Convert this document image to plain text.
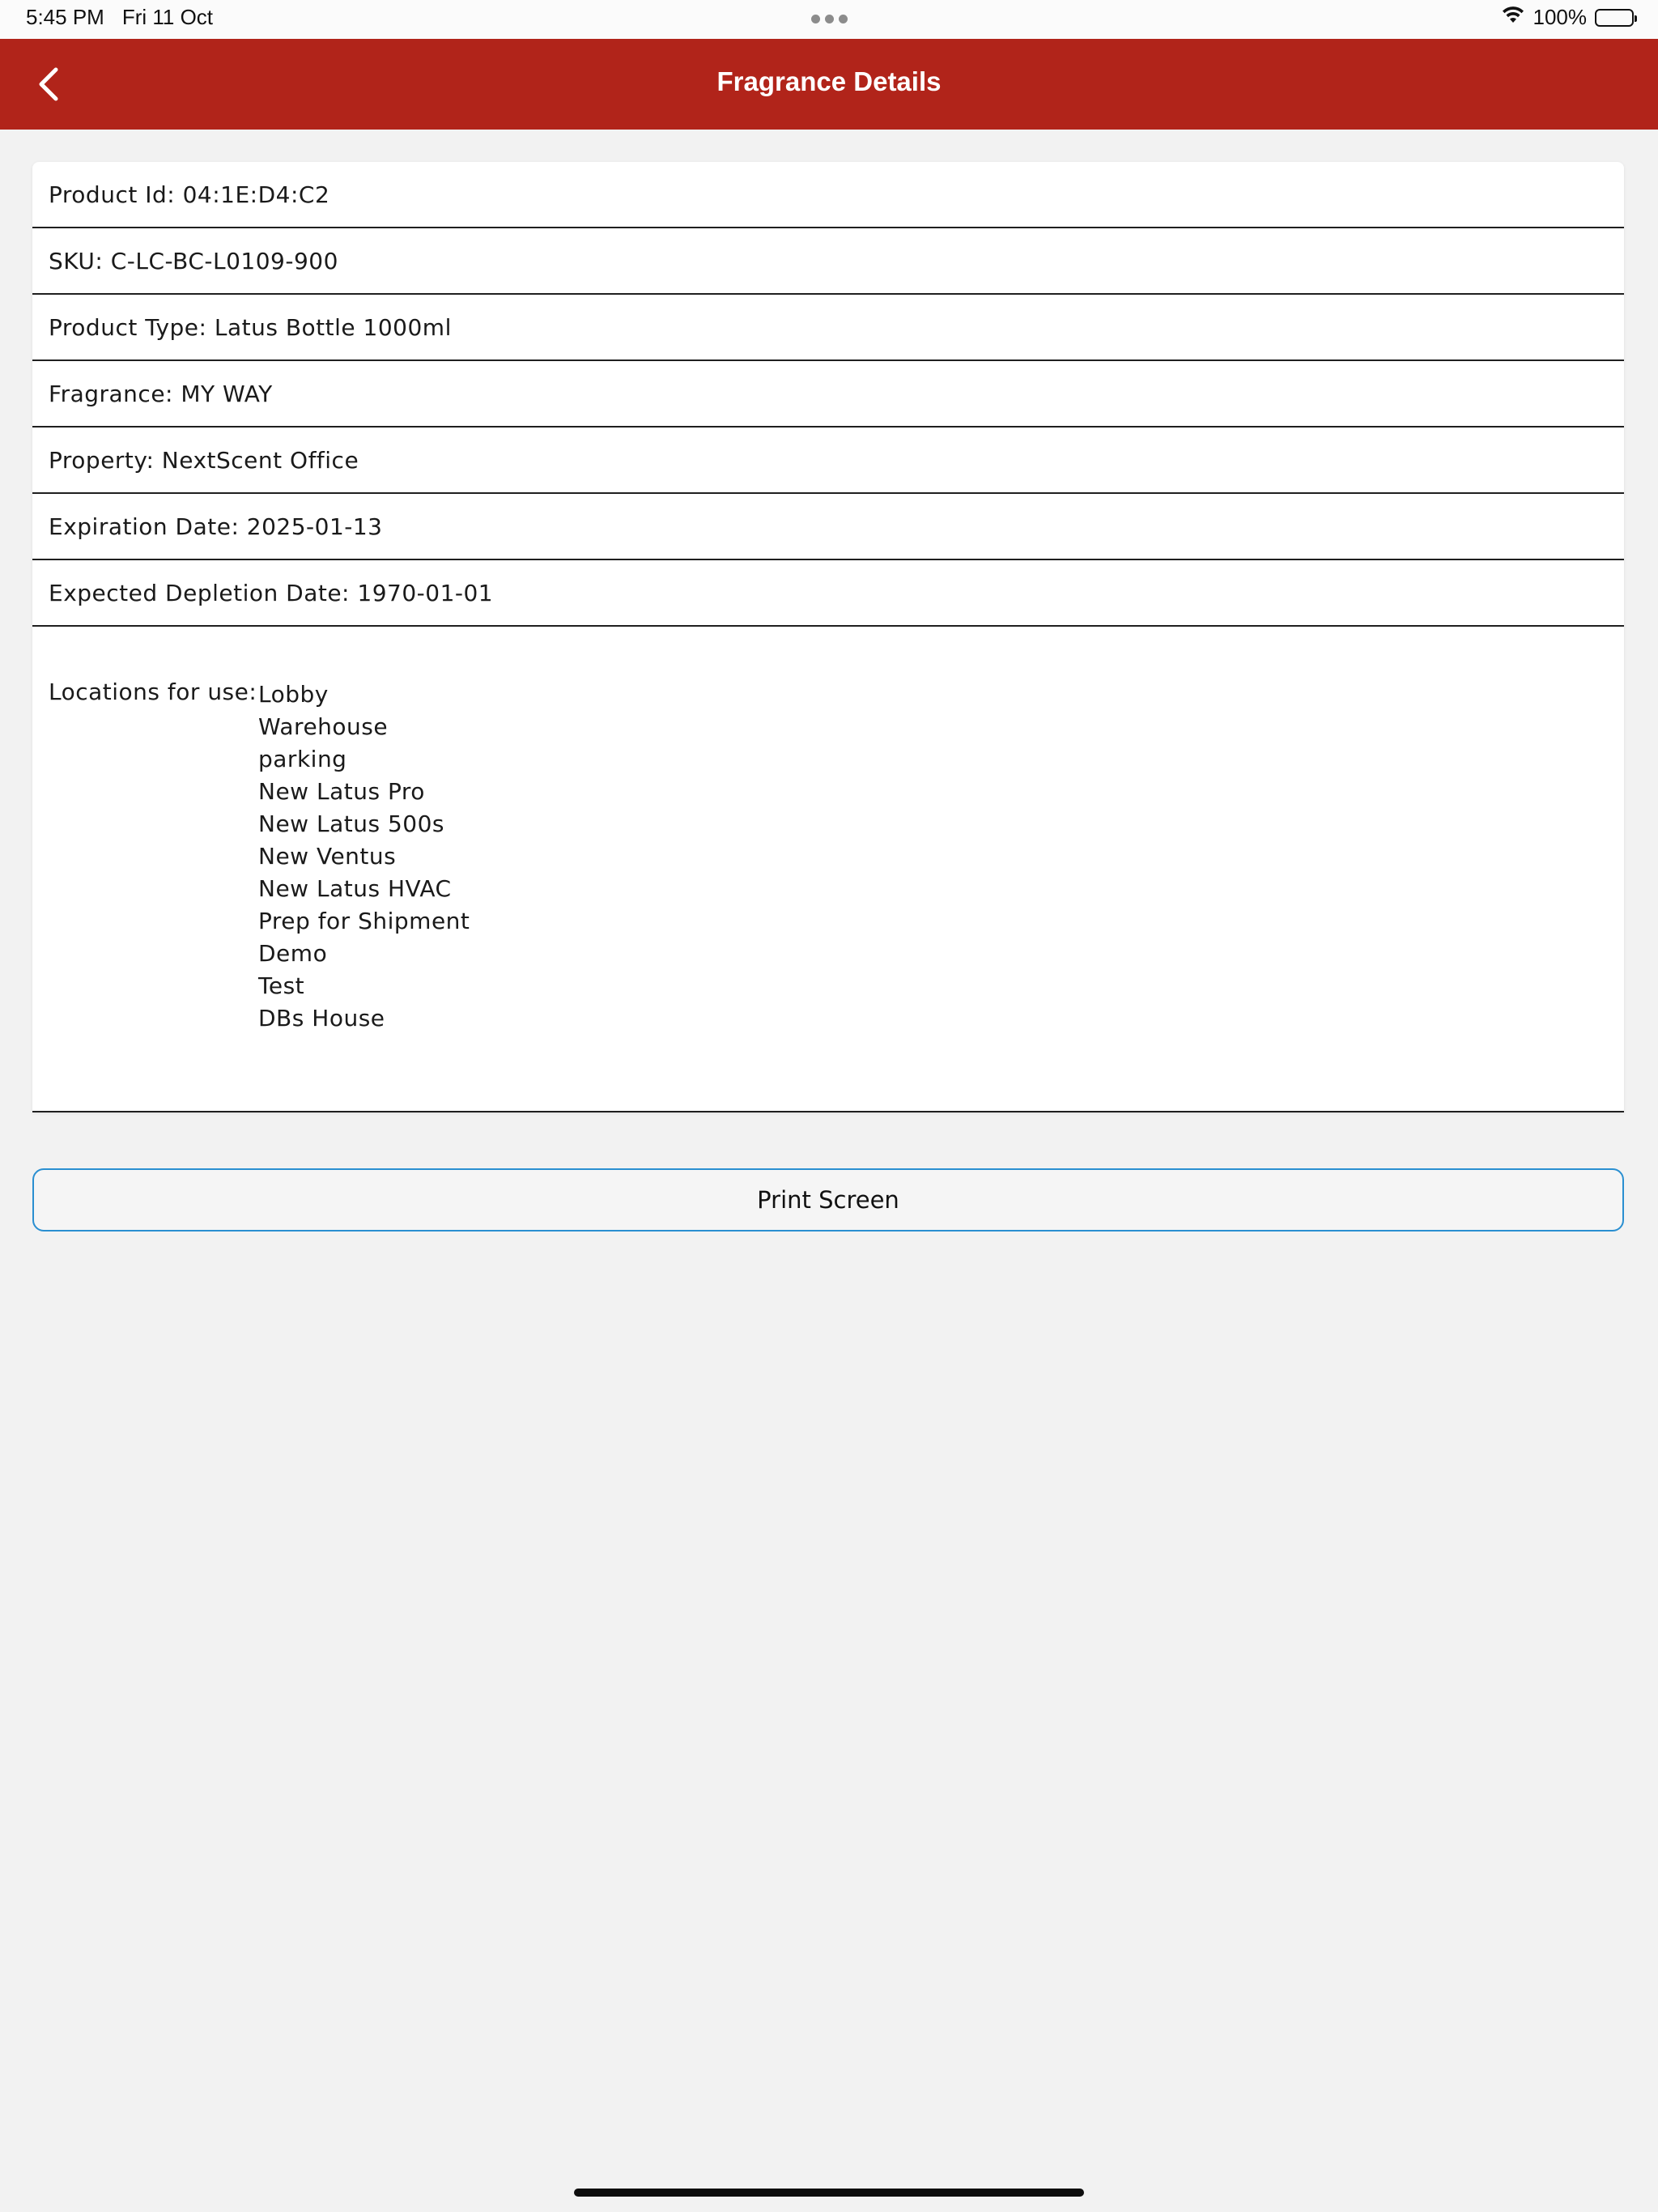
5:45 PM Fri 11 Oct	100%
Fragrance Details
Product Id: 04:1E:D4:C2
SKU: C-LC-BC-L0109-900
Product Type: Latus Bottle 1000ml
Fragrance: MY WAY
Property: NextScent Office
Expiration Date: 2025-01-13
Expected Depletion Date: 1970-01-01
Locations for use:
Lobby
Warehouse
parking
New Latus Pro
New Latus 500s
New Ventus
New Latus HVAC
Prep for Shipment
Demo
Test
DBs House
Print Screen
